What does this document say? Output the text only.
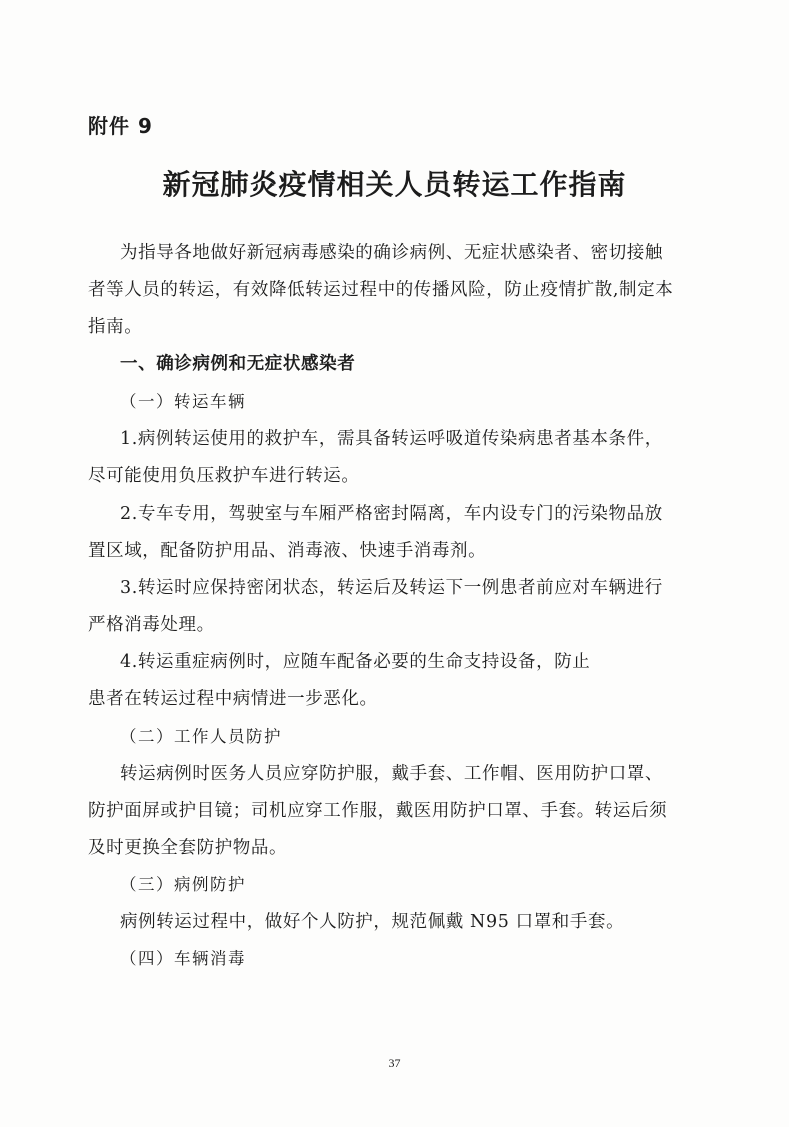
附件 9
新冠肺炎疫情相关人员转运工作指南
为指导各地做好新冠病毒感染的确诊病例、无症状感染者、密切接触
者等人员的转运，有效降低转运过程中的传播风险，防止疫情扩散,制定本
指南。
一、确诊病例和无症状感染者
（一）转运车辆
1.病例转运使用的救护车，需具备转运呼吸道传染病患者基本条件，
尽可能使用负压救护车进行转运。
2.专车专用，驾驶室与车厢严格密封隔离，车内设专门的污染物品放
置区域，配备防护用品、消毒液、快速手消毒剂。
3.转运时应保持密闭状态，转运后及转运下一例患者前应对车辆进行
严格消毒处理。
4.转运重症病例时，应随车配备必要的生命支持设备，防止
患者在转运过程中病情进一步恶化。
（二）工作人员防护
转运病例时医务人员应穿防护服，戴手套、工作帽、医用防护口罩、
防护面屏或护目镜；司机应穿工作服，戴医用防护口罩、手套。转运后须
及时更换全套防护物品。
（三）病例防护
病例转运过程中，做好个人防护，规范佩戴 N95 口罩和手套。
（四）车辆消毒
37
